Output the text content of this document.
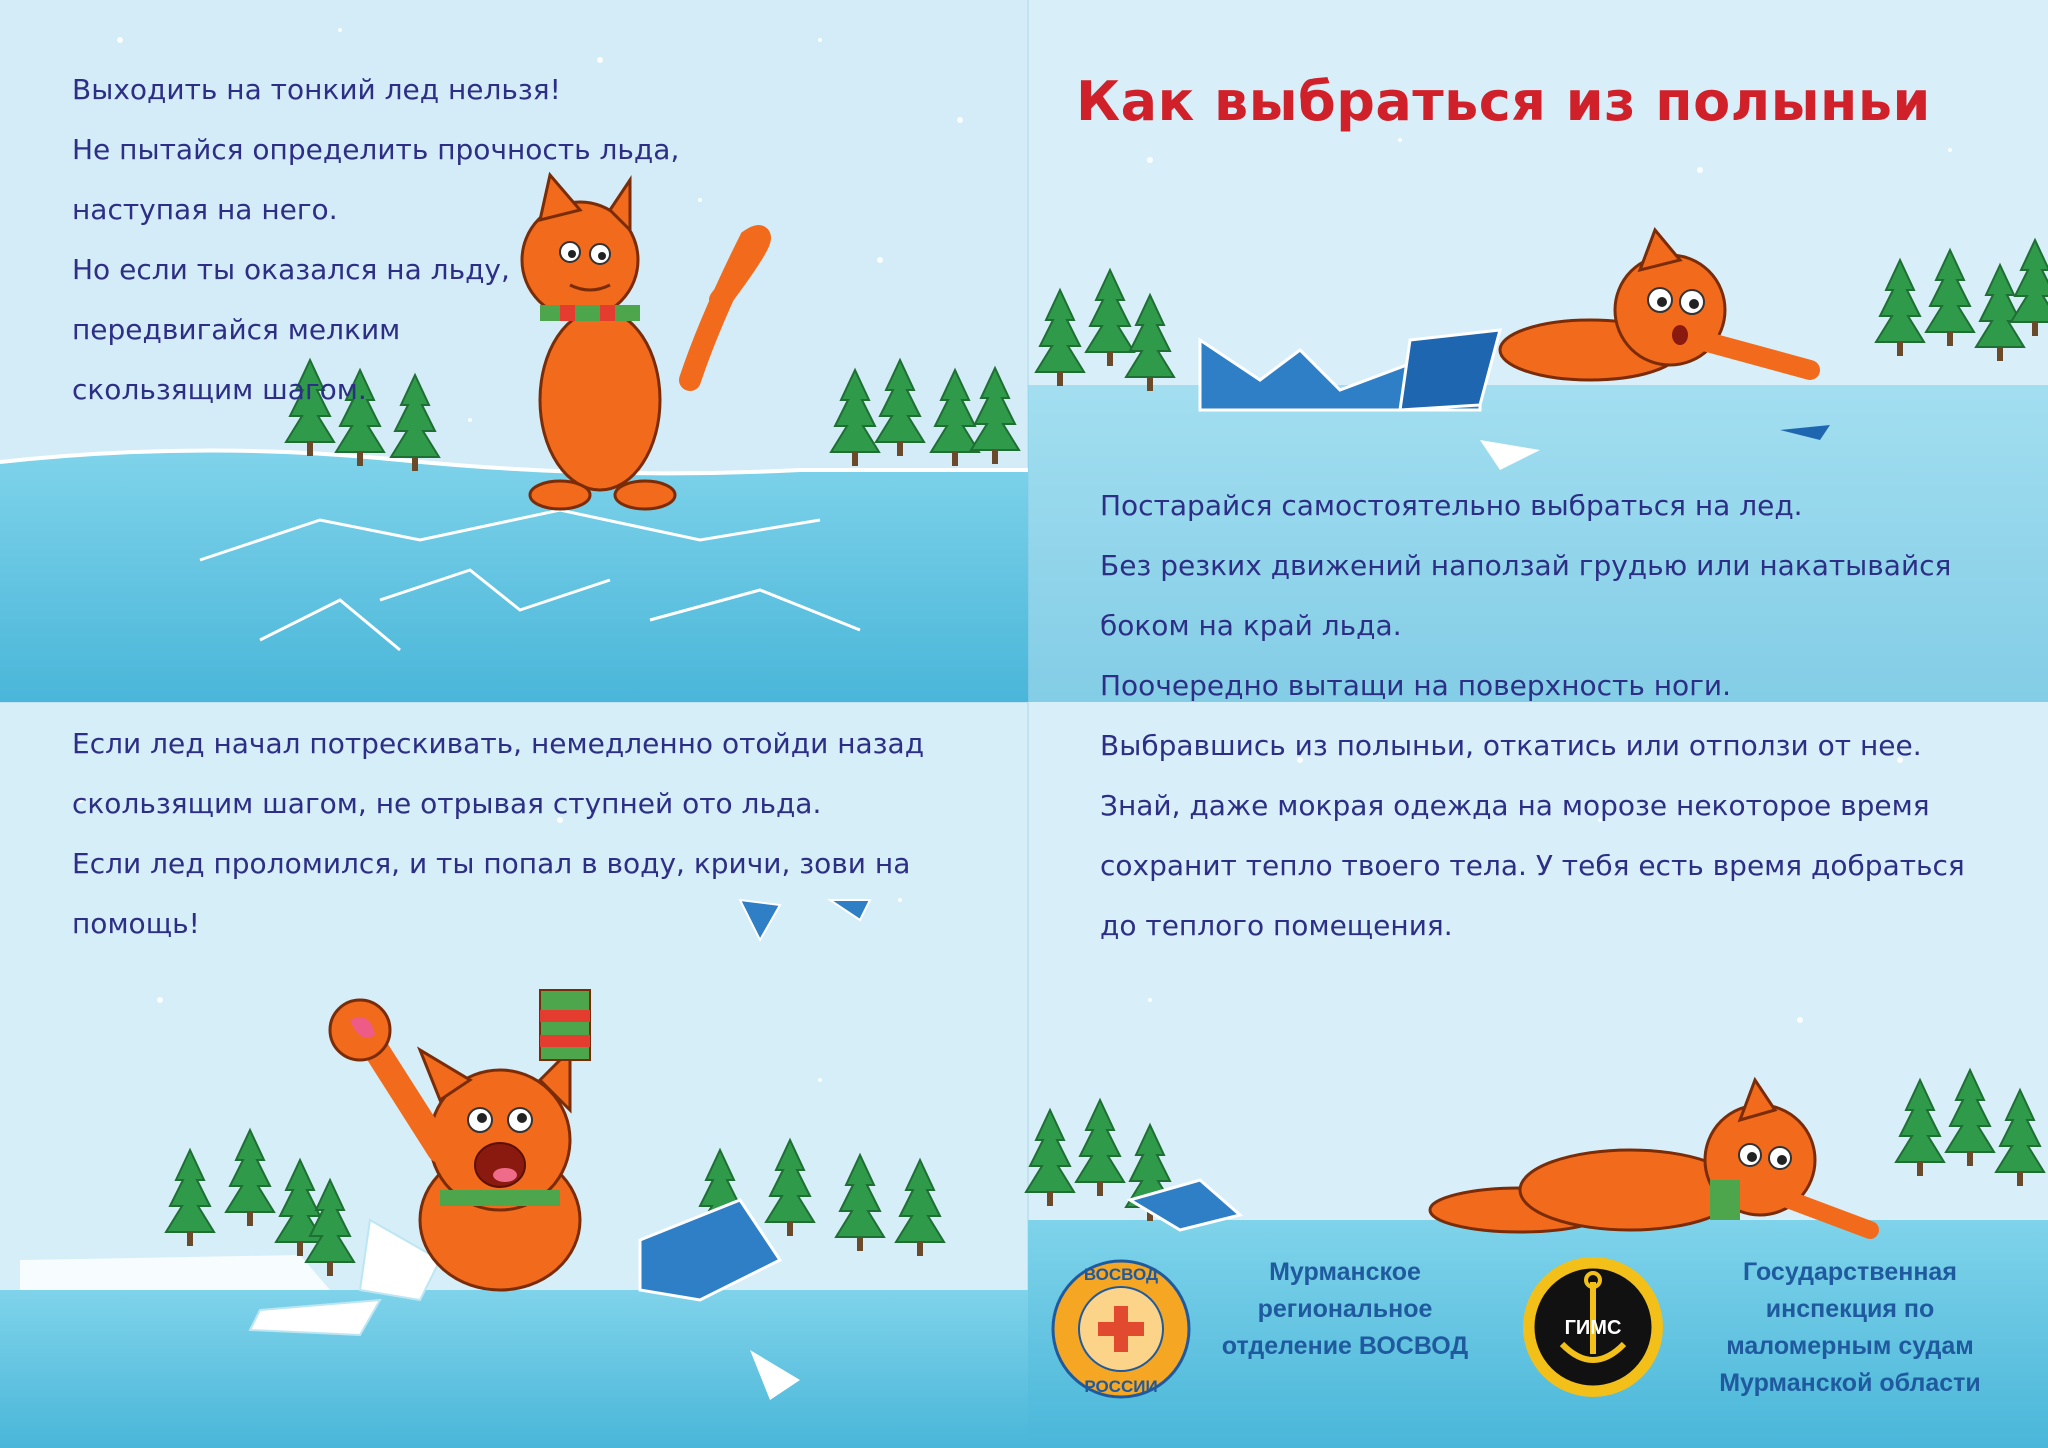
Как выбраться из полыньи

Выходить на тонкий лед нельзя!

Не пытайся определить прочность льда,

наступая на него.

Но если ты оказался на льду,

передвигайся мелким

скользящим шагом.

Если лед начал потрескивать, немедленно отойди назад

скользящим шагом, не отрывая ступней ото льда.

Если лед проломился, и ты попал в воду, кричи, зови на

помощь!

Постарайся самостоятельно выбраться на лед.

Без резких движений наползай грудью или накатывайся

боком на край льда.

Поочередно вытащи на поверхность ноги.

Выбравшись из полыньи, откатись или отползи от нее.

Знай, даже мокрая одежда на морозе некоторое время

сохранит тепло твоего тела. У тебя есть время добраться

до теплого помещения.

ВОСВОД
РОССИИ
Мурманское
региональное
отделение ВОСВОД
ГИМС
Государственная
инспекция по
маломерным судам
Мурманской области
